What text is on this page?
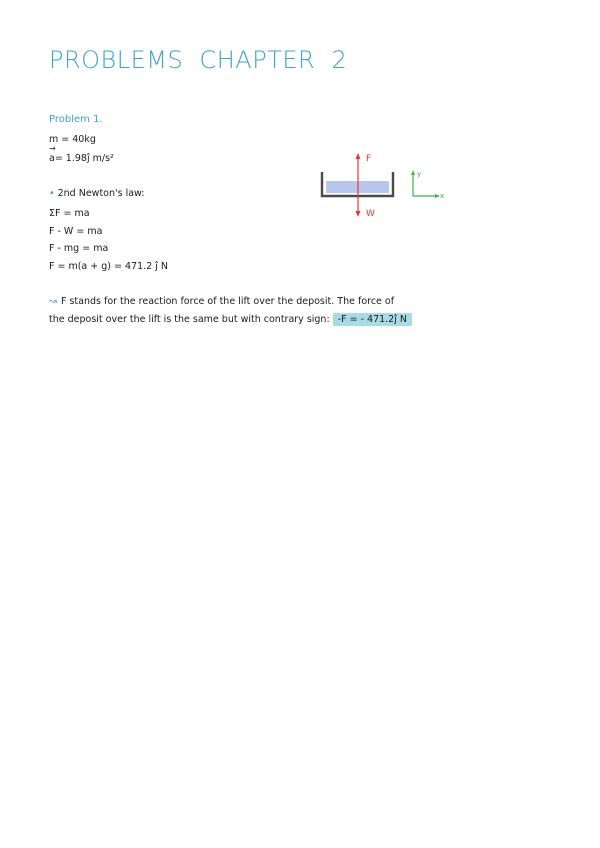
PROBLEMS CHAPTER 2
Problem 1.
m = 40kg
→ a= 1.98ĵ m/s²
• 2nd Newton's law:
ΣF = ma
F - W = ma
F - mg = ma
F = m(a + g) = 471.2 ĵ N
F
W
y
x
↝ F stands for the reaction force of the lift over the deposit. The force of
the deposit over the lift is the same but with contrary sign: -F = - 471.2ĵ N
